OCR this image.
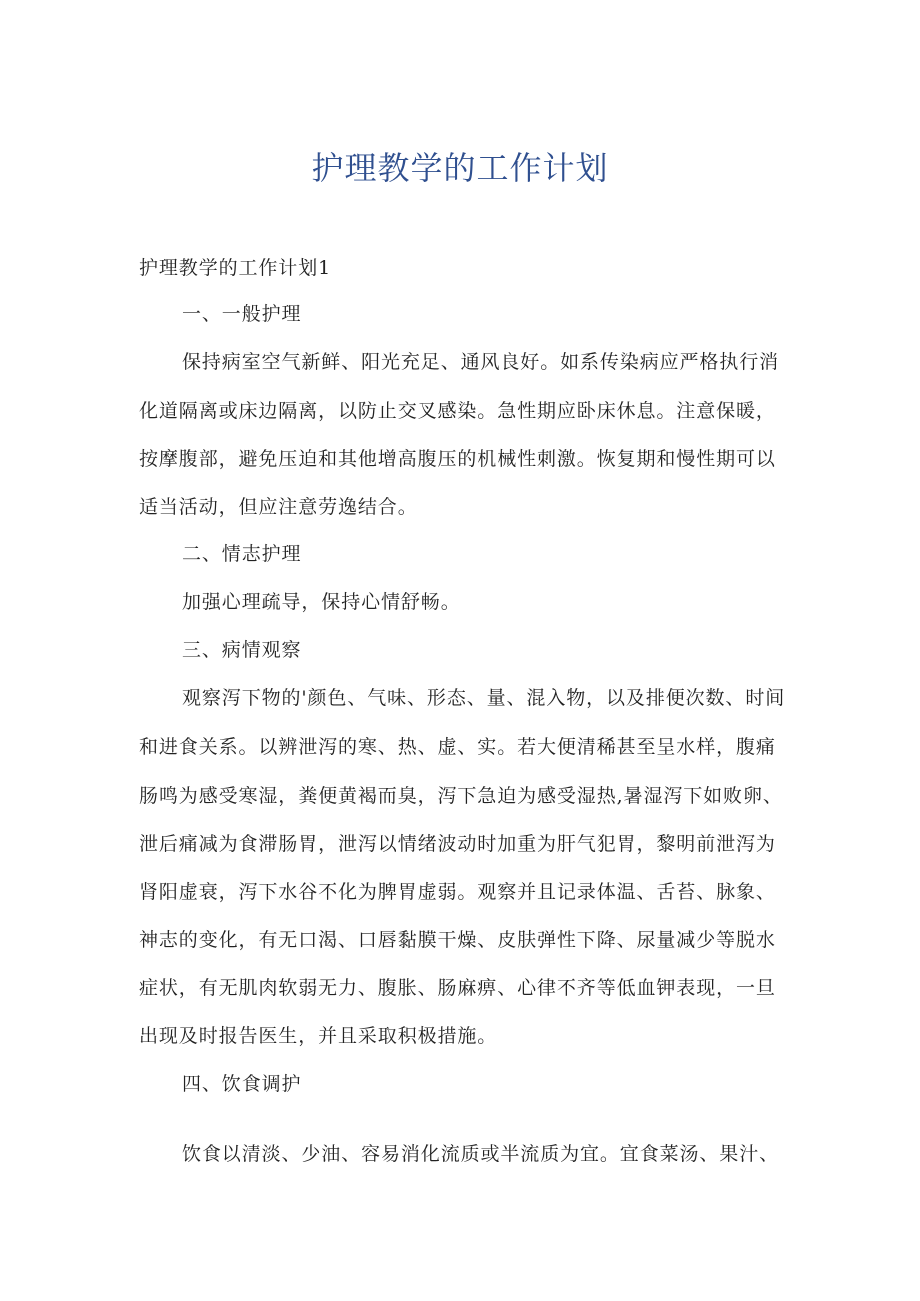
护理教学的工作计划
护理教学的工作计划1
一、一般护理
保持病室空气新鲜、阳光充足、通风良好。如系传染病应严格执行消
化道隔离或床边隔离，以防止交叉感染。急性期应卧床休息。注意保暖，
按摩腹部，避免压迫和其他增高腹压的机械性刺激。恢复期和慢性期可以
适当活动，但应注意劳逸结合。
二、情志护理
加强心理疏导，保持心情舒畅。
三、病情观察
观察泻下物的'颜色、气味、形态、量、混入物，以及排便次数、时间
和进食关系。以辨泄泻的寒、热、虚、实。若大便清稀甚至呈水样，腹痛
肠鸣为感受寒湿，粪便黄褐而臭，泻下急迫为感受湿热,暑湿泻下如败卵、
泄后痛减为食滞肠胃，泄泻以情绪波动时加重为肝气犯胃，黎明前泄泻为
肾阳虚衰，泻下水谷不化为脾胃虚弱。观察并且记录体温、舌苔、脉象、
神志的变化，有无口渴、口唇黏膜干燥、皮肤弹性下降、尿量减少等脱水
症状，有无肌肉软弱无力、腹胀、肠麻痹、心律不齐等低血钾表现，一旦
出现及时报告医生，并且采取积极措施。
四、饮食调护
饮食以清淡、少油、容易消化流质或半流质为宜。宜食菜汤、果汁、
